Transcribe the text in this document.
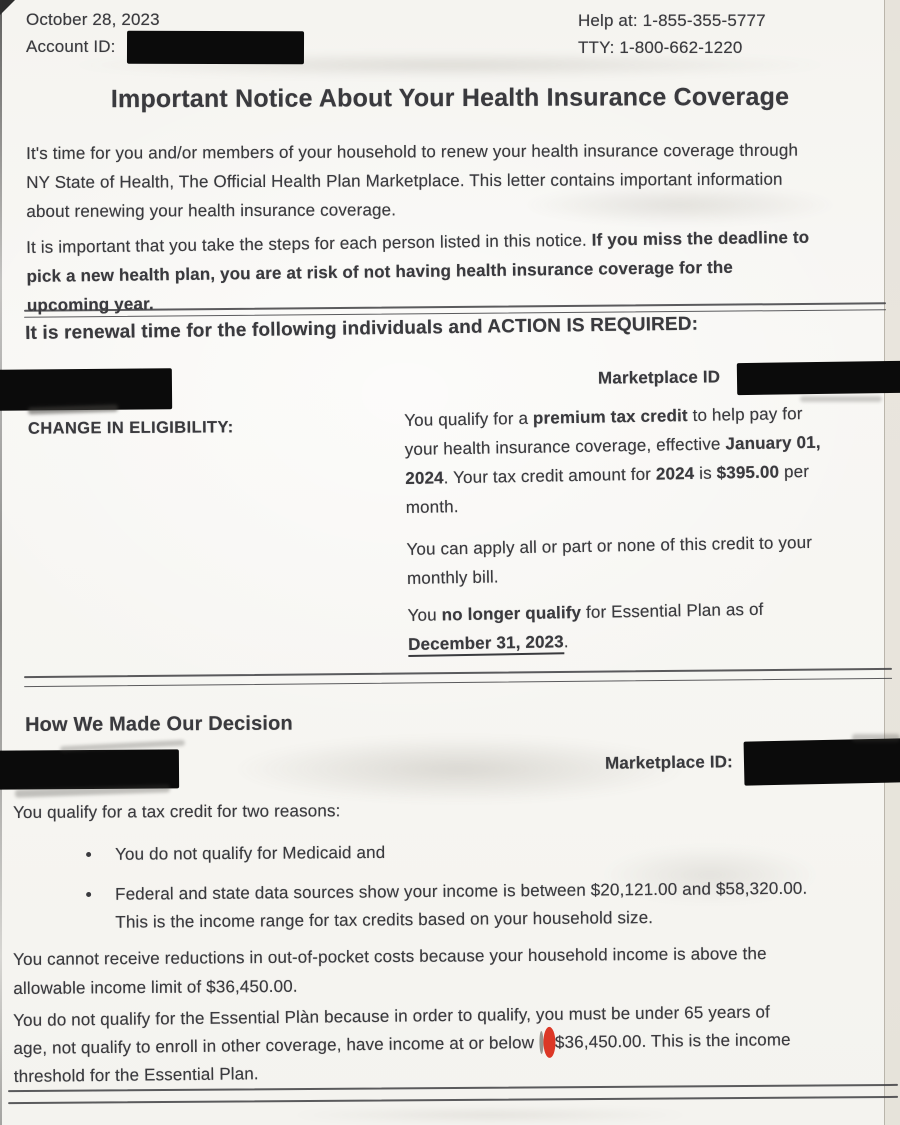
October 28, 2023
Account ID:
Help at: 1-855-355-5777
TTY: 1-800-662-1220
Important Notice About Your Health Insurance Coverage
It's time for you and/or members of your household to renew your health insurance coverage through
NY State of Health, The Official Health Plan Marketplace. This letter contains important information
about renewing your health insurance coverage.
It is important that you take the steps for each person listed in this notice. If you miss the deadline to
pick a new health plan, you are at risk of not having health insurance coverage for the
upcoming year.
It is renewal time for the following individuals and ACTION IS REQUIRED:
Marketplace ID
CHANGE IN ELIGIBILITY:	You qualify for a premium tax credit to help pay for
your health insurance coverage, effective January 01,
2024. Your tax credit amount for 2024 is $395.00 per
month.

You can apply all or part or none of this credit to your
monthly bill.

You no longer qualify for Essential Plan as of
December 31, 2023.

How We Made Our Decision
Marketplace ID:
You qualify for a tax credit for two reasons:
You do not qualify for Medicaid and
Federal and state data sources show your income is between $20,121.00 and $58,320.00.
This is the income range for tax credits based on your household size.
You cannot receive reductions in out-of-pocket costs because your household income is above the
allowable income limit of $36,450.00.
You do not qualify for the Essential Plàn because in order to qualify, you must be under 65 years of
age, not qualify to enroll in other coverage, have income at or below $36,450.00. This is the income
threshold for the Essential Plan.
